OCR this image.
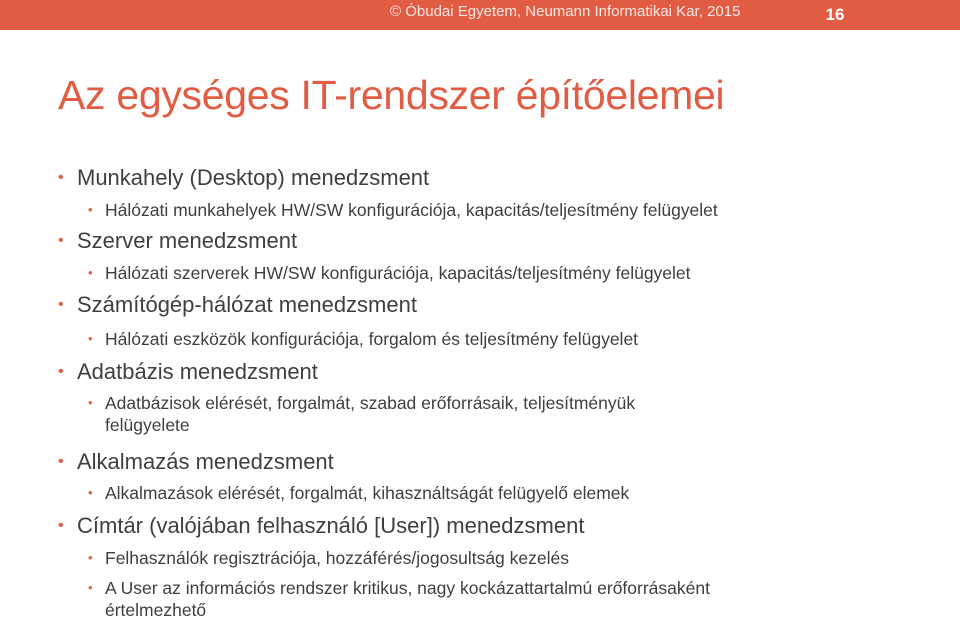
© Óbudai Egyetem, Neumann Informatikai Kar, 2015	16
Az egységes IT-rendszer építőelemei
• Munkahely (Desktop) menedzsment
• Hálózati munkahelyek HW/SW konfigurációja, kapacitás/teljesítmény felügyelet
• Szerver menedzsment
• Hálózati szerverek HW/SW konfigurációja, kapacitás/teljesítmény felügyelet
• Számítógép-hálózat menedzsment
• Hálózati eszközök konfigurációja, forgalom és teljesítmény felügyelet
• Adatbázis menedzsment
• Adatbázisok elérését, forgalmát, szabad erőforrásaik, teljesítményük
felügyelete
• Alkalmazás menedzsment
• Alkalmazások elérését, forgalmát, kihasználtságát felügyelő elemek
• Címtár (valójában felhasználó [User]) menedzsment
• Felhasználók regisztrációja, hozzáférés/jogosultság kezelés
• A User az információs rendszer kritikus, nagy kockázattartalmú erőforrásaként
értelmezhető
